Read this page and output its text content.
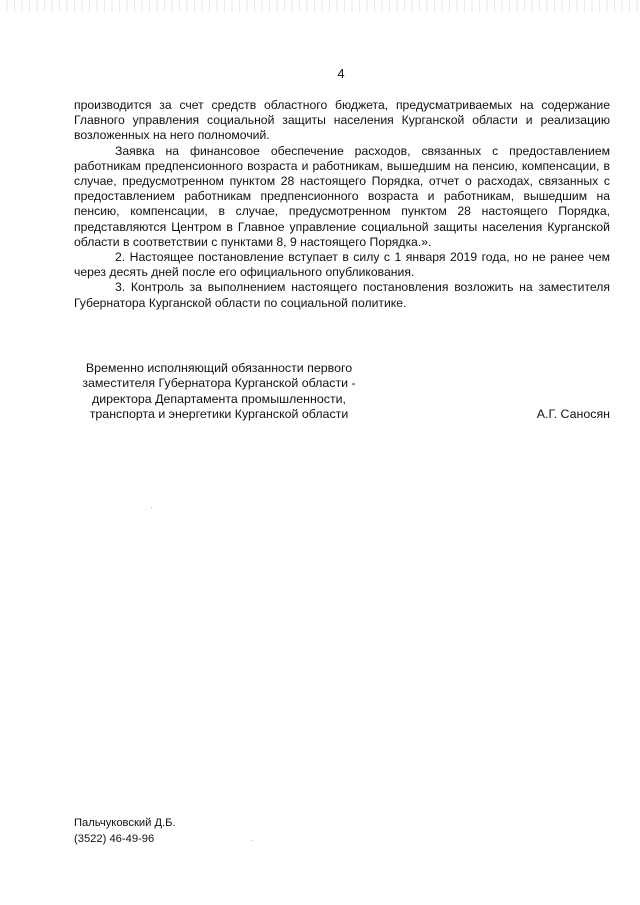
4

производится за счет средств областного бюджета, предусматриваемых на содержание Главного управления социальной защиты населения Курганской области и реализацию возложенных на него полномочий.

Заявка на финансовое обеспечение расходов, связанных с предоставлением работникам предпенсионного возраста и работникам, вышедшим на пенсию, компенсации, в случае, предусмотренном пунктом 28 настоящего Порядка, отчет о расходах, связанных с предоставлением работникам предпенсионного возраста и работникам, вышедшим на пенсию, компенсации, в случае, предусмотренном пунктом 28 настоящего Порядка, представляются Центром в Главное управление социальной защиты населения Курганской области в соответствии с пунктами 8, 9 настоящего Порядка.».

2. Настоящее постановление вступает в силу с 1 января 2019 года, но не ранее чем через десять дней после его официального опубликования.

3. Контроль за выполнением настоящего постановления возложить на заместителя Губернатора Курганской области по социальной политике.

Временно исполняющий обязанности первого
заместителя Губернатора Курганской области -
директора Департамента промышленности,
транспорта и энергетики Курганской области	А.Г. Саносян
Пальчуковский Д.Б.
(3522) 46-49-96
